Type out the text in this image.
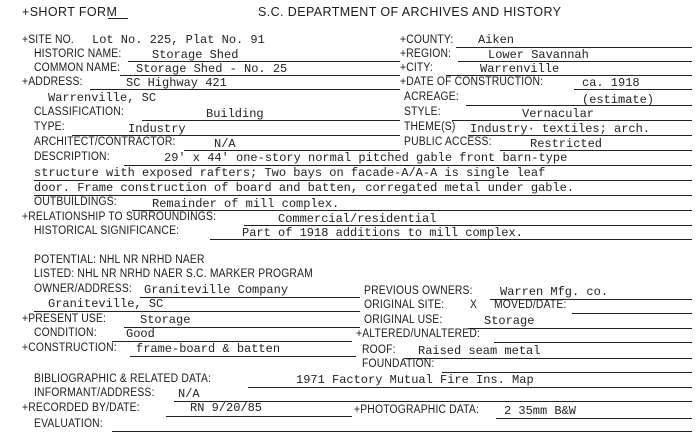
+SHORT FORM	S.C. DEPARTMENT OF ARCHIVES AND HISTORY
+SITE NO. Lot No. 225, Plat No. 91	+COUNTY: Aiken
HISTORIC NAME:	Storage Shed	+REGION:	Lower Savannah
COMMON NAME: Storage Shed - No. 25	+CITY:	Warrenville
+ADDRESS:	SC Highway 421	+DATE OF CONSTRUCTION:	ca. 1918
Warrenville, SC	ACREAGE:	(estimate)
CLASSIFICATION:	Building	STYLE:	Vernacular
TYPE:	Industry	THEME(S) Industry· textiles; arch.
ARCHITECT/CONTRACTOR:	N/A	PUBLIC ACCESS:	Restricted
DESCRIPTION:	29' x 44' one-story normal pitched gable front barn-type
structure with exposed rafters; Two bays on facade-A/A-A is single leaf
door. Frame construction of board and batten, corregated metal under gable.
OUTBUILDINGS:	Remainder of mill complex.
+RELATIONSHIP TO SURROUNDINGS:	Commercial/residential
HISTORICAL SIGNIFICANCE:	Part of 1918 additions to mill complex.
POTENTIAL: NHL NR NRHD NAER
LISTED: NHL NR NRHD NAER S.C. MARKER PROGRAM
OWNER/ADDRESS: Graniteville Company	PREVIOUS OWNERS: Warren Mfg. co.
Graniteville, SC	ORIGINAL SITE: X MOVED/DATE:
+PRESENT USE:	Storage	ORIGINAL USE:	Storage
CONDITION: Good	+ALTERED/UNALTERED:
+CONSTRUCTION: frame-board & batten	ROOF: Raised seam metal
FOUNDATION:
BIBLIOGRAPHIC & RELATED DATA:	1971 Factory Mutual Fire Ins. Map
INFORMANT/ADDRESS: N/A
+RECORDED BY/DATE:	RN 9/20/85	+PHOTOGRAPHIC DATA: 2 35mm B&W
EVALUATION:
